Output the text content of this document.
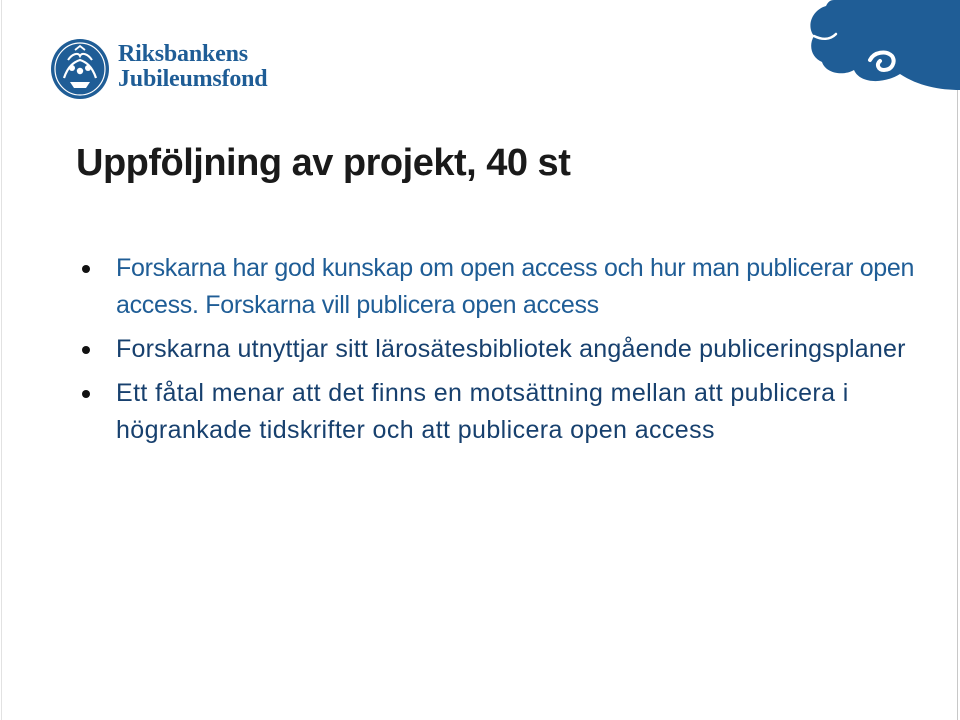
Riksbankens
Jubileumsfond
Uppföljning av projekt, 40 st
Forskarna har god kunskap om open access och hur man publicerar open access. Forskarna vill publicera open access
Forskarna utnyttjar sitt lärosätesbibliotek angående publiceringsplaner
Ett fåtal menar att det finns en motsättning mellan att publicera i högrankade tidskrifter och att publicera open access
